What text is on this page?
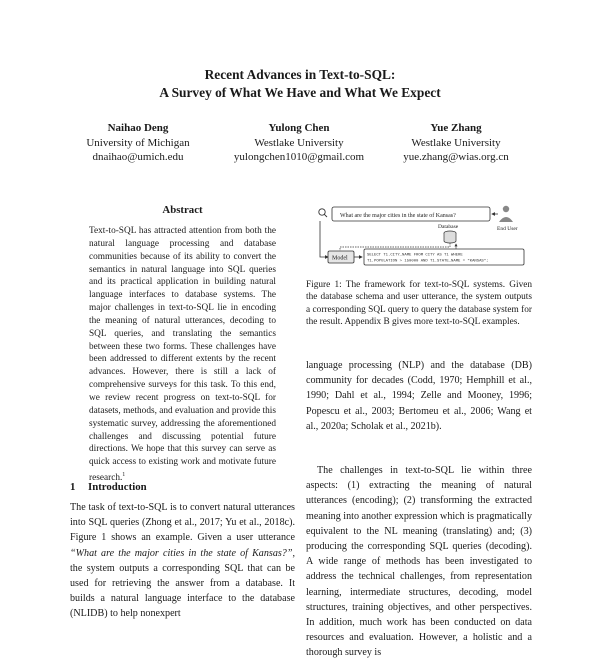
Recent Advances in Text-to-SQL:
A Survey of What We Have and What We Expect
Naihao Deng
University of Michigan
dnaihao@umich.edu
Yulong Chen
Westlake University
yulongchen1010@gmail.com
Yue Zhang
Westlake University
yue.zhang@wias.org.cn
Abstract
Text-to-SQL has attracted attention from both the natural language processing and database communities because of its ability to convert the semantics in natural language into SQL queries and its practical application in building natural language interfaces to database systems. The major challenges in text-to-SQL lie in encoding the meaning of natural utterances, decoding to SQL queries, and translating the semantics between these two forms. These challenges have been addressed to different extents by the recent advances. However, there is still a lack of comprehensive surveys for this task. To this end, we review recent progress on text-to-SQL for datasets, methods, and evaluation and provide this systematic survey, addressing the aforementioned challenges and discussing potential future directions. We hope that this survey can serve as quick access to existing work and motivate future research.$^1$
1 Introduction
The task of text-to-SQL is to convert natural utterances into SQL queries (Zhong et al., 2017; Yu et al., 2018c). Figure 1 shows an example. Given a user utterance “What are the major cities in the state of Kansas?”, the system outputs a corresponding SQL that can be used for retrieving the answer from a database. It builds a natural language interface to the database (NLIDB) to help nonexpert
What are the major cities in the state of Kansas?
End User
Database
Model	SELECT T1.CITY_NAME FROM CITY AS T1 WHERE
T1.POPULATION > 150000 AND T1.STATE_NAME = "KANSAS";
Figure 1: The framework for text-to-SQL systems. Given the database schema and user utterance, the system outputs a corresponding SQL query to query the database system for the result. Appendix B gives more text-to-SQL examples.
language processing (NLP) and the database (DB) community for decades (Codd, 1970; Hemphill et al., 1990; Dahl et al., 1994; Zelle and Mooney, 1996; Popescu et al., 2003; Bertomeu et al., 2006; Wang et al., 2020a; Scholak et al., 2021b).
The challenges in text-to-SQL lie within three aspects: (1) extracting the meaning of natural utterances (encoding); (2) transforming the extracted meaning into another expression which is pragmatically equivalent to the NL meaning (translating) and; (3) producing the corresponding SQL queries (decoding). A wide range of methods has been investigated to address the technical challenges, from representation learning, intermediate structures, decoding, model structures, training objectives, and other perspectives. In addition, much work has been conducted on data resources and evaluation. However, a holistic and a thorough survey is
